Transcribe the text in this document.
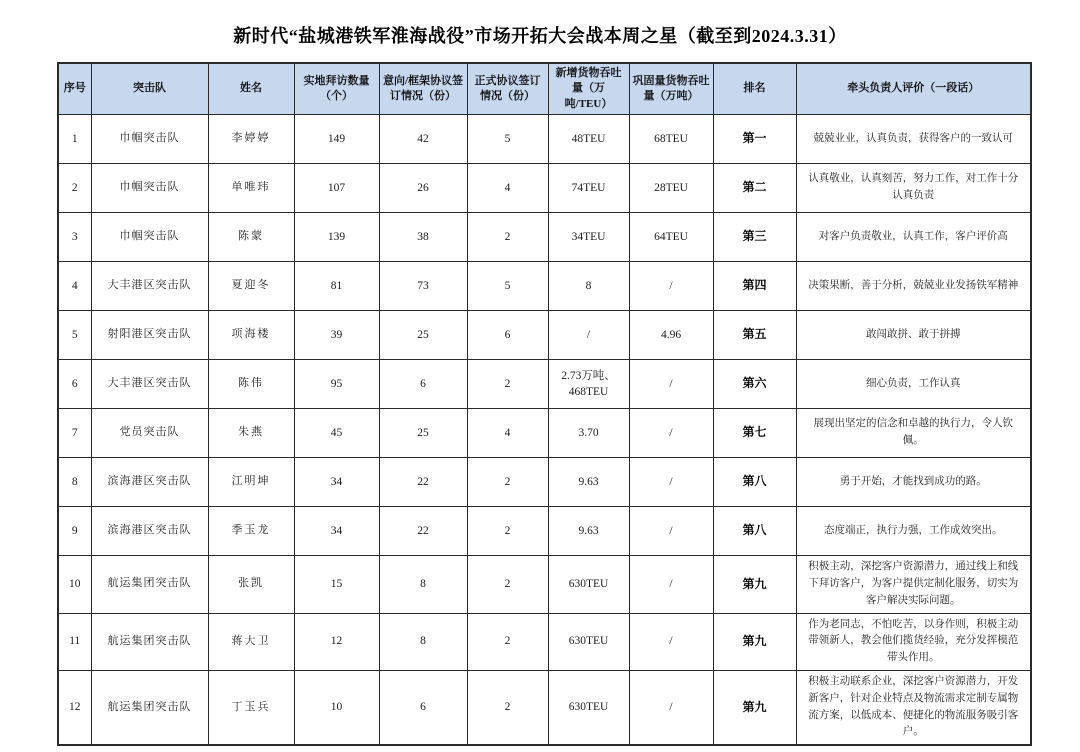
新时代“盐城港铁军淮海战役”市场开拓大会战本周之星（截至到2024.3.31）
序号	突击队	姓名	实地拜访数量（个）	意向/框架协议签订情况（份）	正式协议签订情况（份）	新增货物吞吐量（万吨/TEU）	巩固量货物吞吐量（万吨）	排名	牵头负责人评价（一段话）
1	巾帼突击队	李婷婷	149	42	5	48TEU	68TEU	第一	兢兢业业，认真负责，获得客户的一致认可
2	巾帼突击队	单唯玮	107	26	4	74TEU	28TEU	第二	认真敬业，认真刻苦，努力工作，对工作十分认真负责
3	巾帼突击队	陈蒙	139	38	2	34TEU	64TEU	第三	对客户负责敬业，认真工作，客户评价高
4	大丰港区突击队	夏迎冬	81	73	5	8	/	第四	决策果断，善于分析，兢兢业业发扬铁军精神
5	射阳港区突击队	项海楼	39	25	6	/	4.96	第五	敢闯敢拼、敢于拼搏
6	大丰港区突击队	陈伟	95	6	2	2.73万吨、468TEU	/	第六	细心负责，工作认真
7	党员突击队	朱燕	45	25	4	3.70	/	第七	展现出坚定的信念和卓越的执行力，令人钦佩。
8	滨海港区突击队	江明坤	34	22	2	9.63	/	第八	勇于开始，才能找到成功的路。
9	滨海港区突击队	季玉龙	34	22	2	9.63	/	第八	态度端正，执行力强，工作成效突出。
10	航运集团突击队	张凯	15	8	2	630TEU	/	第九	积极主动，深挖客户资源潜力，通过线上和线下拜访客户，为客户提供定制化服务，切实为客户解决实际问题。
11	航运集团突击队	蒋大卫	12	8	2	630TEU	/	第九	作为老同志，不怕吃苦，以身作则，积极主动带领新人，教会他们揽货经验，充分发挥模范带头作用。
12	航运集团突击队	丁玉兵	10	6	2	630TEU	/	第九	积极主动联系企业，深挖客户资源潜力，开发新客户，针对企业特点及物流需求定制专属物流方案，以低成本、便捷化的物流服务吸引客户。
